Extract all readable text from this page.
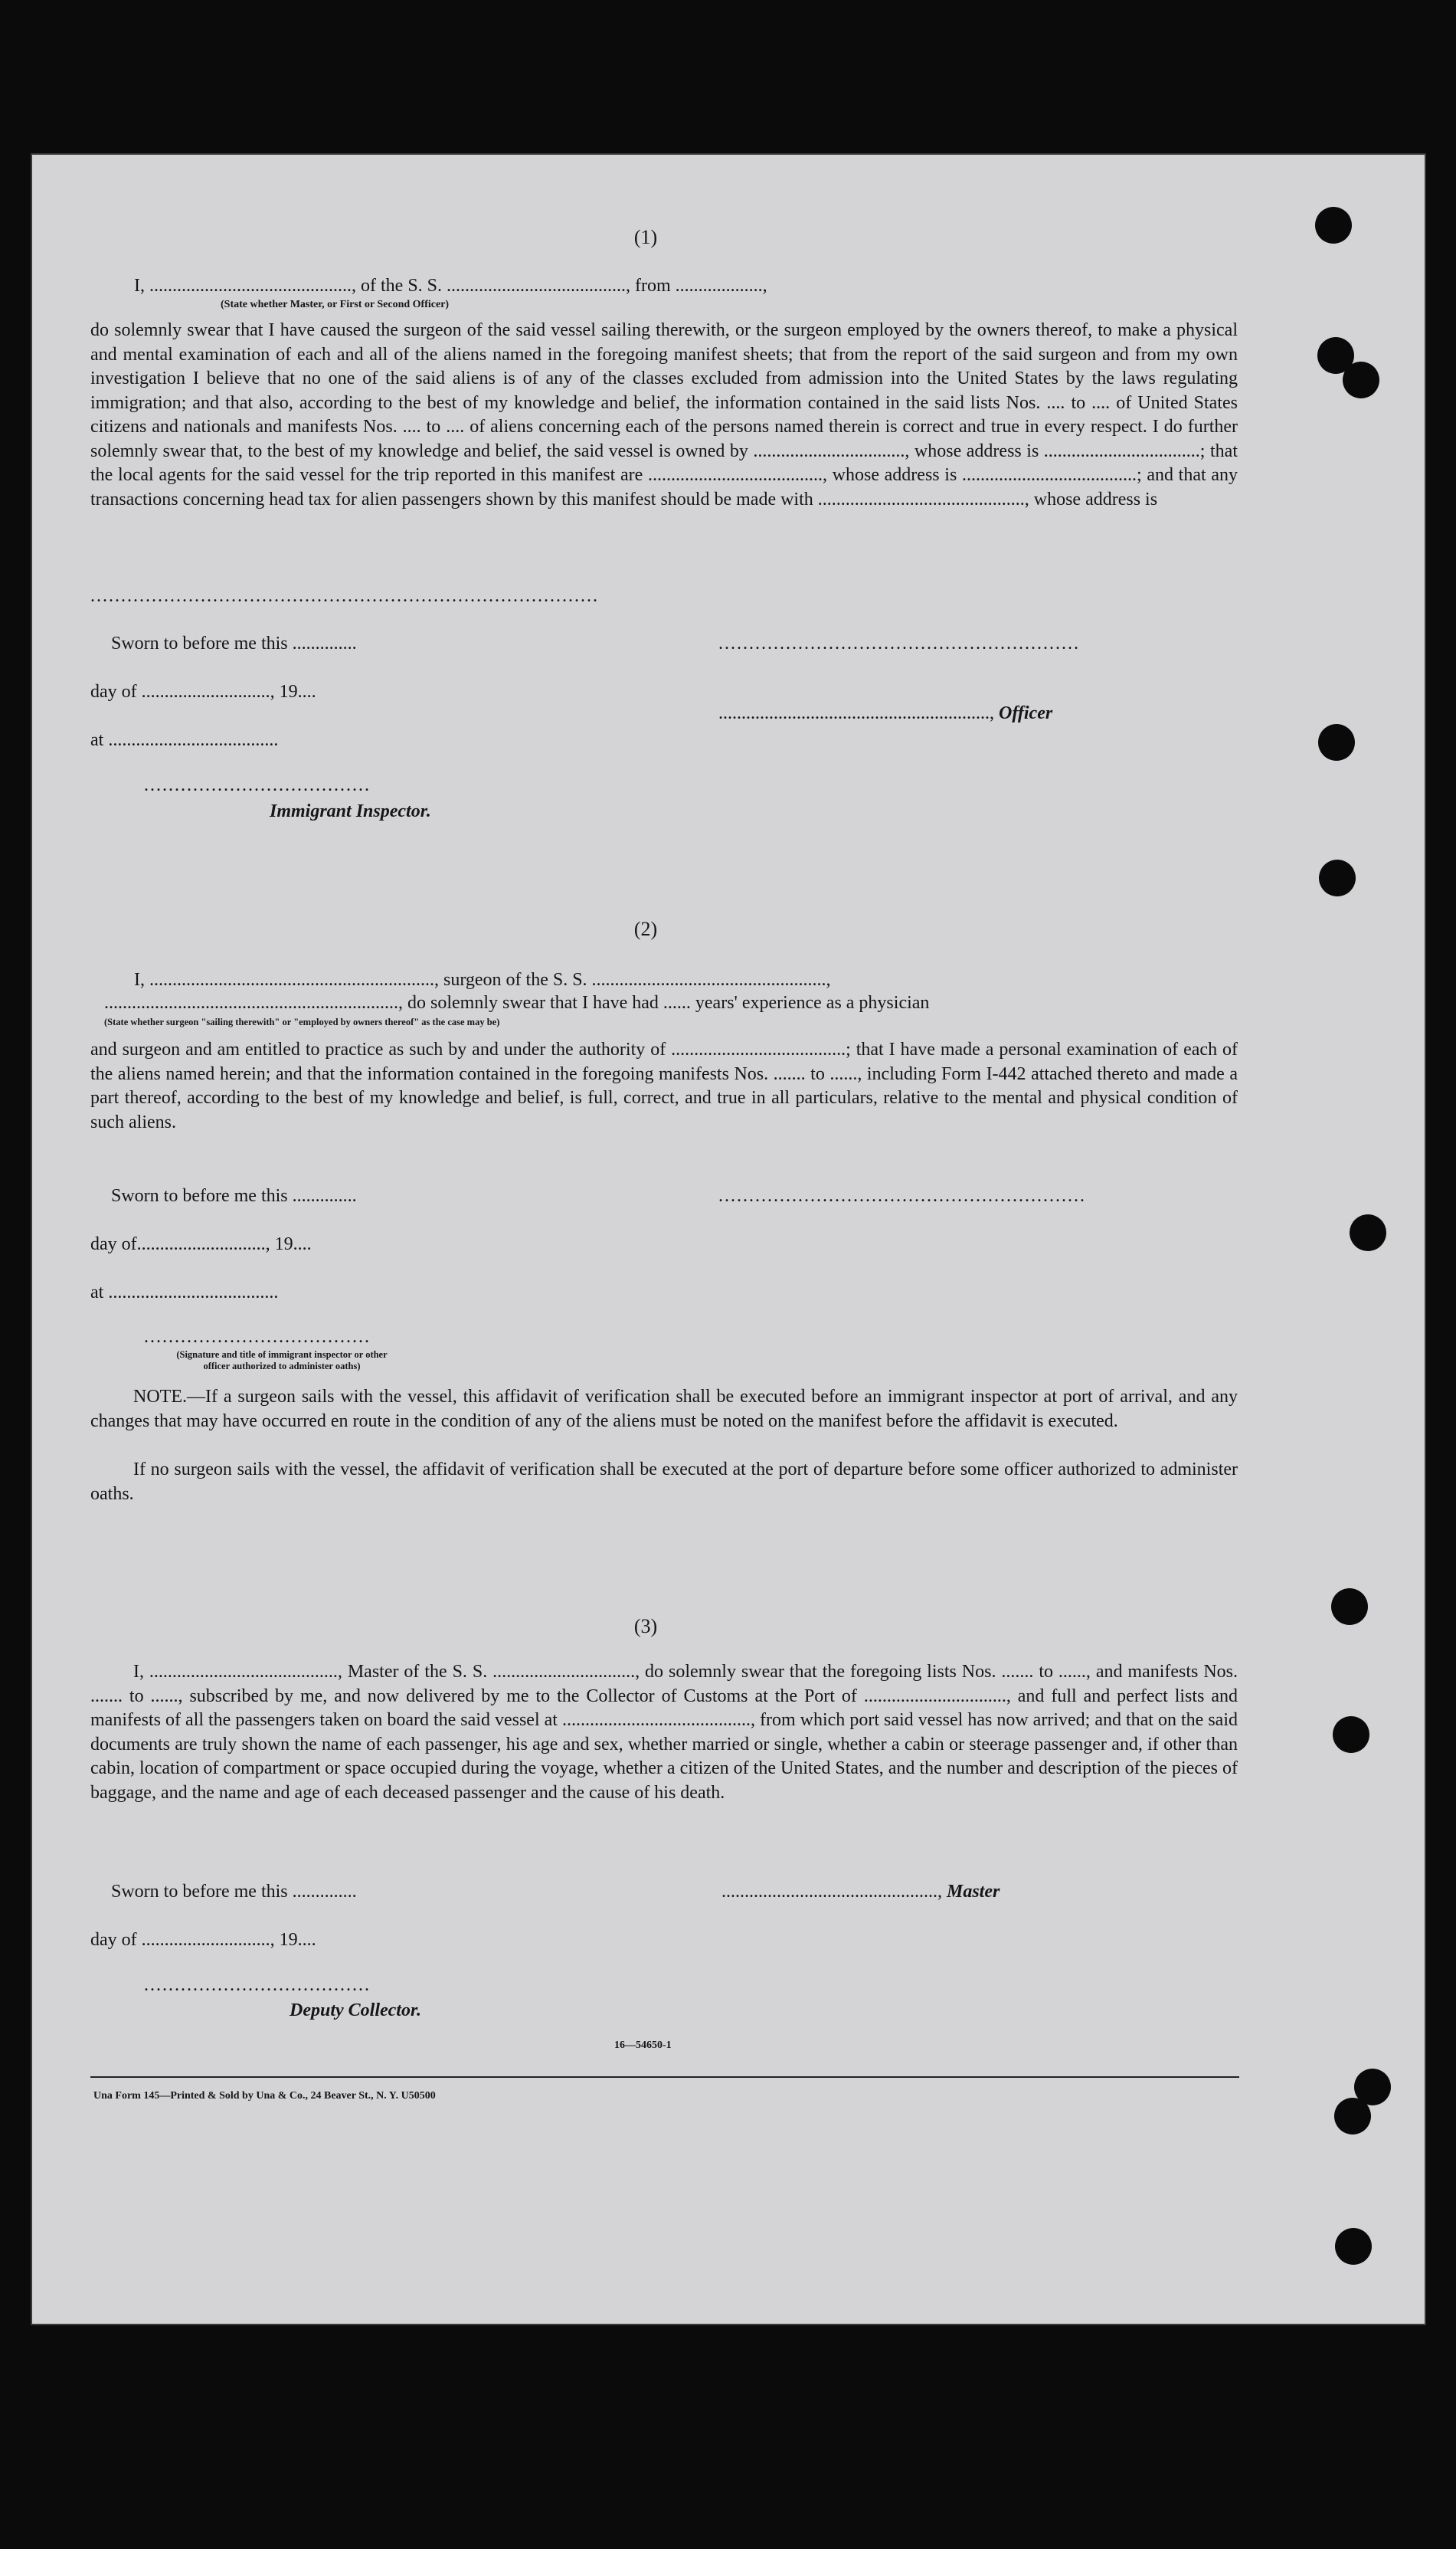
(1)
I, ............................................, of the S. S. ......................................., from ...................,
(State whether Master, or First or Second Officer)

do solemnly swear that I have caused the surgeon of the said vessel sailing therewith, or the surgeon employed by the owners thereof, to make a physical and mental examination of each and all of the aliens named in the foregoing manifest sheets; that from the report of the said surgeon and from my own investigation I believe that no one of the said aliens is of any of the classes excluded from admission into the United States by the laws regulating immigration; and that also, according to the best of my knowledge and belief, the information contained in the said lists Nos. .... to .... of United States citizens and nationals and manifests Nos. .... to .... of aliens concerning each of the persons named therein is correct and true in every respect. I do further solemnly swear that, to the best of my knowledge and belief, the said vessel is owned by ................................., whose address is ..................................; that the local agents for the said vessel for the trip reported in this manifest are ......................................, whose address is ......................................; and that any transactions concerning head tax for alien passengers shown by this manifest should be made with ............................................., whose address is

...................................................................................
Sworn to before me this ..............
day of ............................, 19....
at .....................................
.....................................
Immigrant Inspector.
...........................................................
..........................................................., Officer
(2)
I, .............................................................., surgeon of the S. S. ...................................................,
................................................................, do solemnly swear that I have had ...... years' experience as a physician
(State whether surgeon "sailing therewith" or "employed by owners thereof" as the case may be)

and surgeon and am entitled to practice as such by and under the authority of ......................................; that I have made a personal examination of each of the aliens named herein; and that the information contained in the foregoing manifests Nos. ....... to ......, including Form I-442 attached thereto and made a part thereof, according to the best of my knowledge and belief, is full, correct, and true in all particulars, relative to the mental and physical condition of such aliens.

Sworn to before me this ..............
day of............................, 19....
at .....................................
............................................................
.....................................
(Signature and title of immigrant inspector or other officer authorized to administer oaths)

NOTE.—If a surgeon sails with the vessel, this affidavit of verification shall be executed before an immigrant inspector at port of arrival, and any changes that may have occurred en route in the condition of any of the aliens must be noted on the manifest before the affidavit is executed.

If no surgeon sails with the vessel, the affidavit of verification shall be executed at the port of departure before some officer authorized to administer oaths.

(3)

I, ........................................., Master of the S. S. ..............................., do solemnly swear that the foregoing lists Nos. ....... to ......, and manifests Nos. ....... to ......, subscribed by me, and now delivered by me to the Collector of Customs at the Port of ..............................., and full and perfect lists and manifests of all the passengers taken on board the said vessel at ........................................., from which port said vessel has now arrived; and that on the said documents are truly shown the name of each passenger, his age and sex, whether married or single, whether a cabin or steerage passenger and, if other than cabin, location of compartment or space occupied during the voyage, whether a citizen of the United States, and the number and description of the pieces of baggage, and the name and age of each deceased passenger and the cause of his death.

Sworn to before me this ..............
day of ............................, 19....
.....................................
Deputy Collector.
..............................................., Master
16—54650-1
Una Form 145—Printed & Sold by Una & Co., 24 Beaver St., N. Y. U50500
